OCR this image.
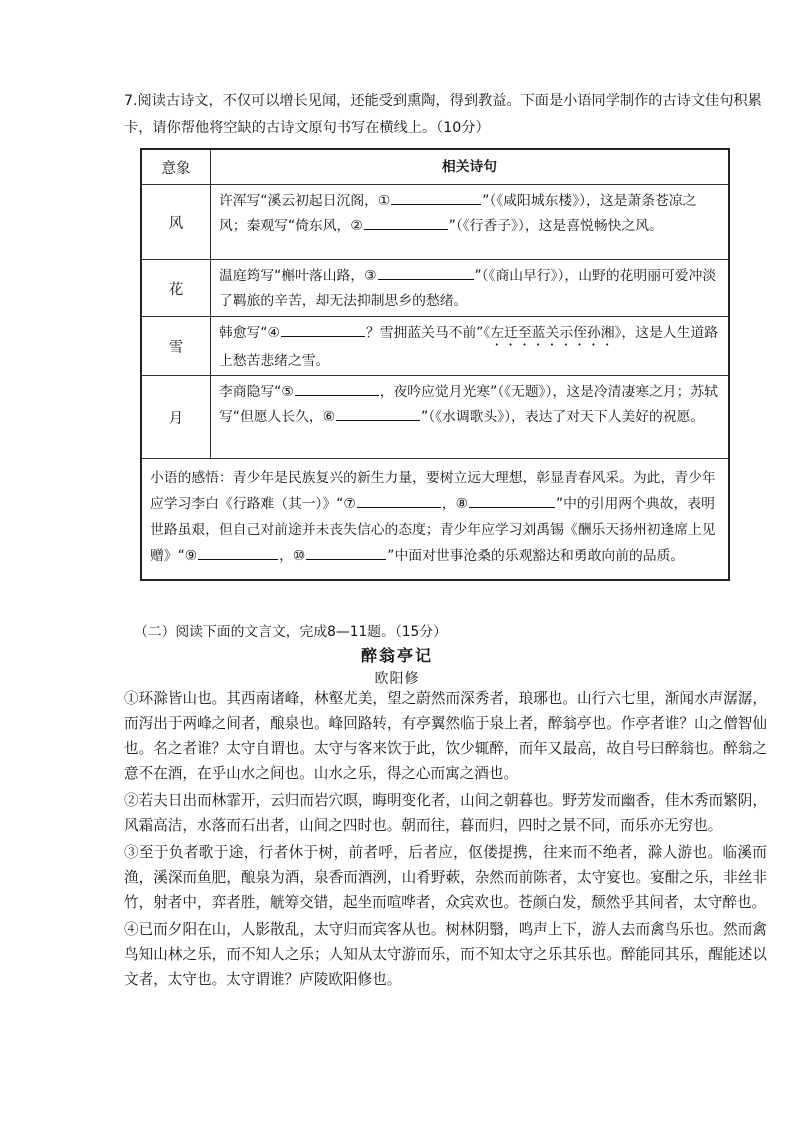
7.阅读古诗文，不仅可以增长见闻，还能受到熏陶，得到教益。下面是小语同学制作的古诗文佳句积累卡，请你帮他将空缺的古诗文原句书写在横线上。（10分）
意象	相关诗句
风
许浑写“溪云初起日沉阁，①	”（《咸阳城东楼》），这是萧条苍凉之风；秦观写“倚东风，②	”（《行香子》），这是喜悦畅快之风。
花
温庭筠写“槲叶落山路，③	”（《商山早行》），山野的花明丽可爱冲淡了羁旅的辛苦，却无法抑制思乡的愁绪。
雪
韩愈写“④	？雪拥蓝关马不前”《左迁至蓝关示侄孙湘》，这是人生道路上愁苦悲绪之雪。
月
李商隐写“⑤	，夜吟应觉月光寒”（《无题》），这是冷清凄寒之月；苏轼写“但愿人长久，⑥	”（《水调歌头》），表达了对天下人美好的祝愿。
小语的感悟：青少年是民族复兴的新生力量，要树立远大理想，彰显青春风采。为此，青少年应学习李白《行路难（其一）》“⑦	，⑧	”中的引用两个典故，表明世路虽艰，但自己对前途并未丧失信心的态度；青少年应学习刘禹锡《酬乐天扬州初逢席上见赠》“⑨	，⑩	”中面对世事沧桑的乐观豁达和勇敢向前的品质。
（二）阅读下面的文言文，完成8—11题。（15分）
醉翁亭记
欧阳修

①环滁皆山也。其西南诸峰，林壑尤美，望之蔚然而深秀者，琅琊也。山行六七里，渐闻水声潺潺，而泻出于两峰之间者，酿泉也。峰回路转，有亭翼然临于泉上者，醉翁亭也。作亭者谁？山之僧智仙也。名之者谁？太守自谓也。太守与客来饮于此，饮少辄醉，而年又最高，故自号曰醉翁也。醉翁之意不在酒，在乎山水之间也。山水之乐，得之心而寓之酒也。

②若夫日出而林霏开，云归而岩穴暝，晦明变化者，山间之朝暮也。野芳发而幽香，佳木秀而繁阴，风霜高洁，水落而石出者，山间之四时也。朝而往，暮而归，四时之景不同，而乐亦无穷也。

③至于负者歌于途，行者休于树，前者呼，后者应，伛偻提携，往来而不绝者，滁人游也。临溪而渔，溪深而鱼肥，酿泉为酒，泉香而酒洌，山肴野蔌，杂然而前陈者，太守宴也。宴酣之乐，非丝非竹，射者中，弈者胜，觥筹交错，起坐而喧哗者，众宾欢也。苍颜白发，颓然乎其间者，太守醉也。

④已而夕阳在山，人影散乱，太守归而宾客从也。树林阴翳，鸣声上下，游人去而禽鸟乐也。然而禽鸟知山林之乐，而不知人之乐；人知从太守游而乐，而不知太守之乐其乐也。醉能同其乐，醒能述以文者，太守也。太守谓谁？庐陵欧阳修也。
